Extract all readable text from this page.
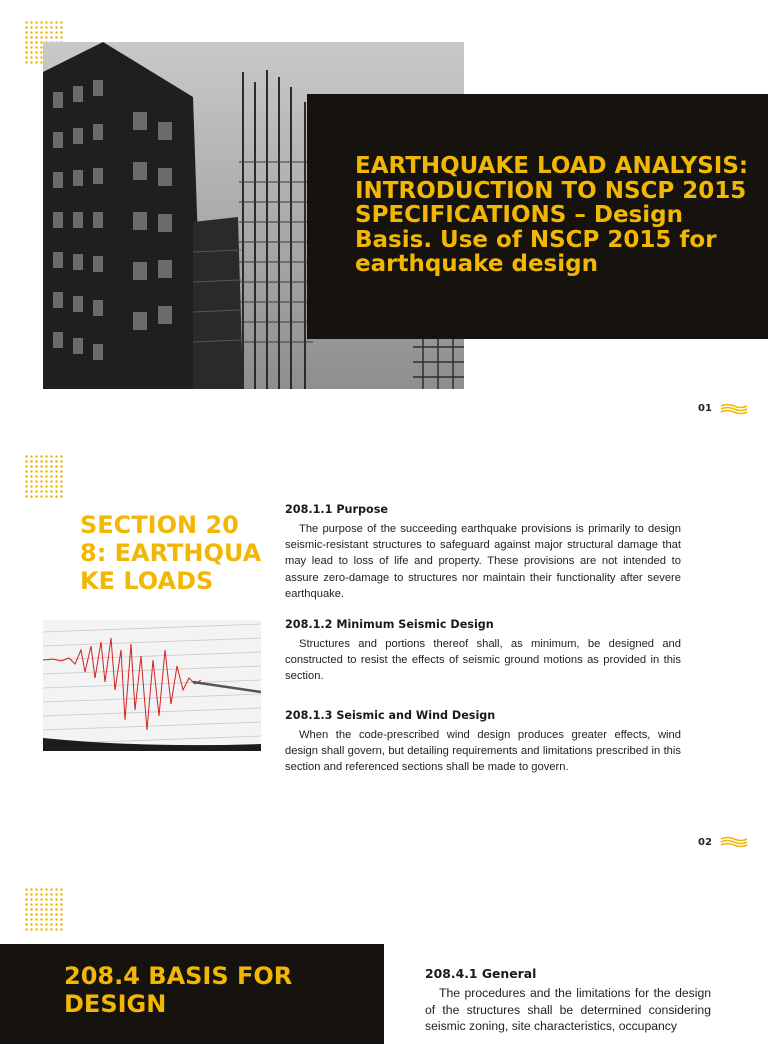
EARTHQUAKE LOAD ANALYSIS: INTRODUCTION TO NSCP 2015 SPECIFICATIONS – Design Basis. Use of NSCP 2015 for earthquake design
01
SECTION 208: EARTHQUAKE LOADS
208.1.1 Purpose

The purpose of the succeeding earthquake provisions is primarily to design seismic-resistant structures to safeguard against major structural damage that may lead to loss of life and property. These provisions are not intended to assure zero-damage to structures nor maintain their functionality after severe earthquake.

208.1.2 Minimum Seismic Design

Structures and portions thereof shall, as minimum, be designed and constructed to resist the effects of seismic ground motions as provided in this section.

208.1.3 Seismic and Wind Design

When the code-prescribed wind design produces greater effects, wind design shall govern, but detailing requirements and limitations prescribed in this section and referenced sections shall be made to govern.

02
208.4 BASIS FOR DESIGN
208.4.1 General

The procedures and the limitations for the design of the structures shall be determined considering seismic zoning, site characteristics, occupancy
